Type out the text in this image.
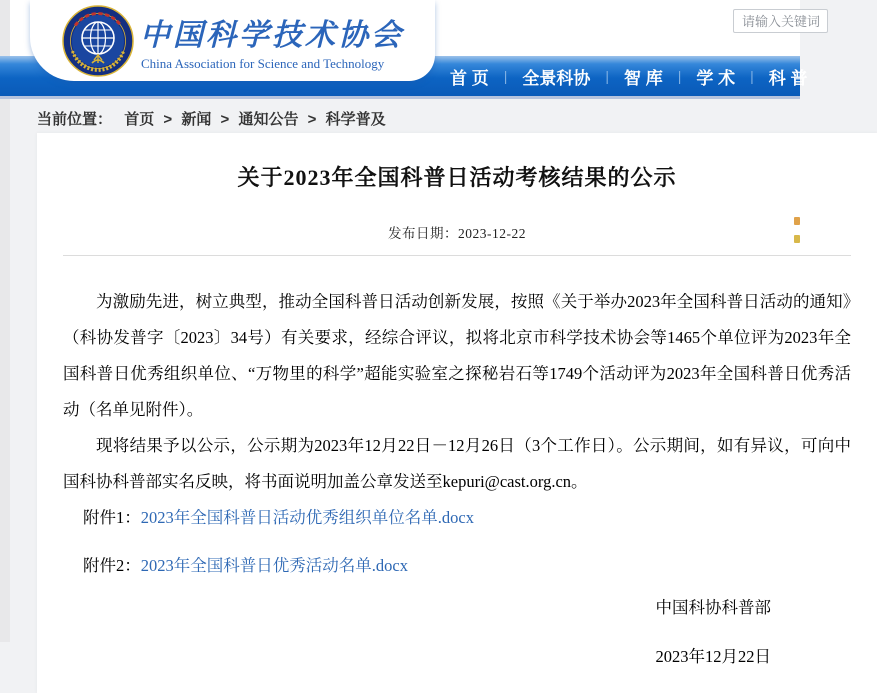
请输入关键词
首 页 | 全景科协 | 智 库 | 学 术 | 科 普
中国科学技术协会
China Association for Science and Technology
当前位置： 首页 > 新闻 > 通知公告 > 科学普及
关于2023年全国科普日活动考核结果的公示
发布日期：2023-12-22

为激励先进，树立典型，推动全国科普日活动创新发展，按照《关于举办2023年全国科普日活动的通知》（科协发普字〔2023〕34号）有关要求，经综合评议，拟将北京市科学技术协会等1465个单位评为2023年全国科普日优秀组织单位、“万物里的科学”超能实验室之探秘岩石等1749个活动评为2023年全国科普日优秀活动（名单见附件）。

现将结果予以公示，公示期为2023年12月22日－12月26日（3个工作日）。公示期间，如有异议，可向中国科协科普部实名反映，将书面说明加盖公章发送至kepuri@cast.org.cn。

附件1：2023年全国科普日活动优秀组织单位名单.docx
附件2：2023年全国科普日优秀活动名单.docx
中国科协科普部
2023年12月22日
